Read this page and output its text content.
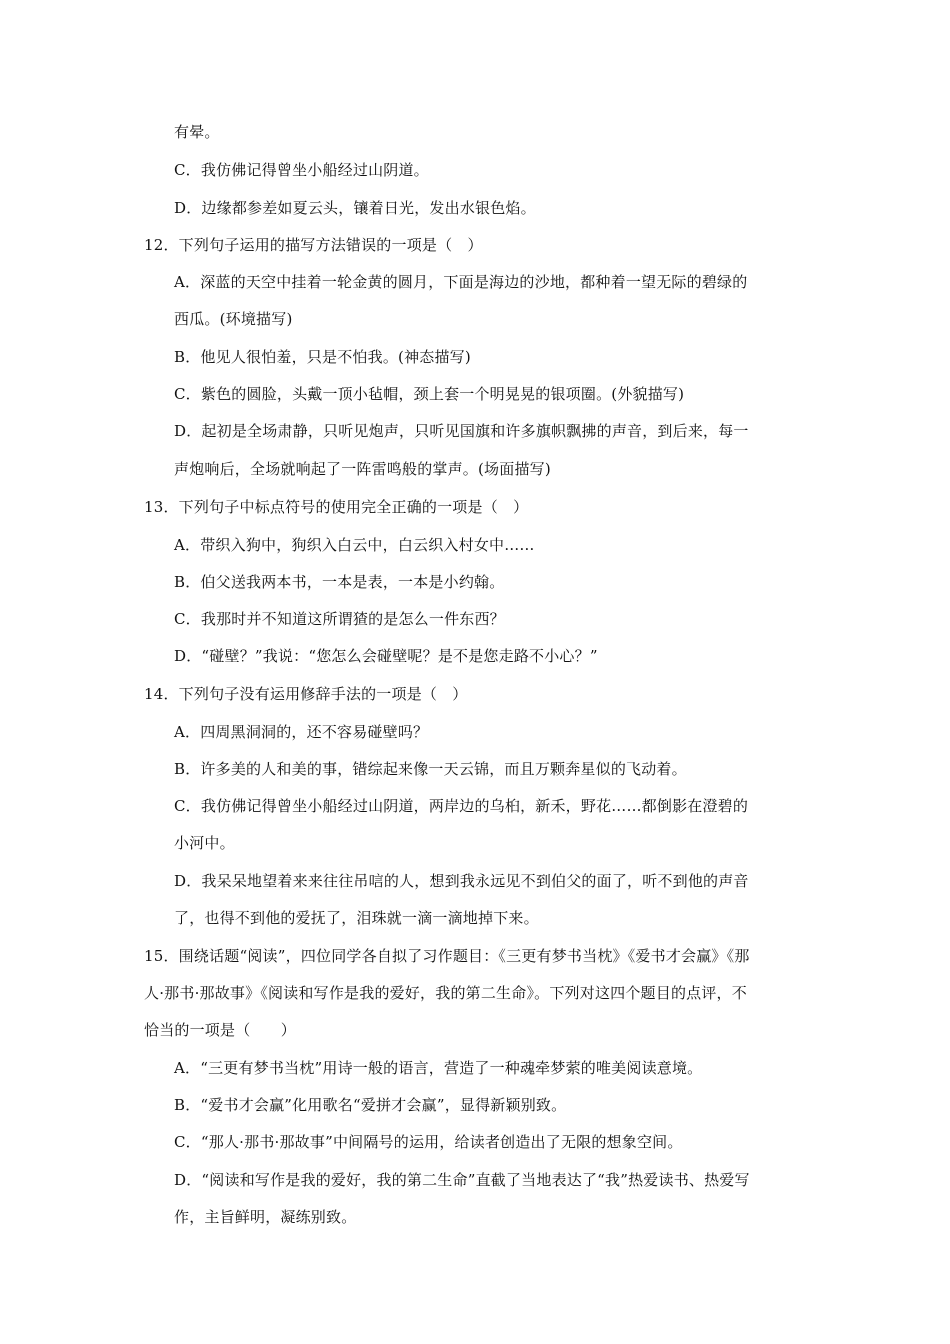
有晕。
C．我仿佛记得曾坐小船经过山阴道。
D．边缘都参差如夏云头，镶着日光，发出水银色焰。
12．下列句子运用的描写方法错误的一项是（　）
A．深蓝的天空中挂着一轮金黄的圆月，下面是海边的沙地，都种着一望无际的碧绿的
西瓜。(环境描写)
B．他见人很怕羞，只是不怕我。(神态描写)
C．紫色的圆脸，头戴一顶小毡帽，颈上套一个明晃晃的银项圈。(外貌描写)
D．起初是全场肃静，只听见炮声，只听见国旗和许多旗帜飘拂的声音，到后来，每一
声炮响后，全场就响起了一阵雷鸣般的掌声。(场面描写)
13．下列句子中标点符号的使用完全正确的一项是（　）
A．带织入狗中，狗织入白云中，白云织入村女中……
B．伯父送我两本书，一本是表，一本是小约翰。
C．我那时并不知道这所谓猹的是怎么一件东西？
D．“碰壁？”我说：“您怎么会碰壁呢？是不是您走路不小心？”
14．下列句子没有运用修辞手法的一项是（　）
A．四周黑洞洞的，还不容易碰壁吗？
B．许多美的人和美的事，错综起来像一天云锦，而且万颗奔星似的飞动着。
C．我仿佛记得曾坐小船经过山阴道，两岸边的乌桕，新禾，野花……都倒影在澄碧的
小河中。
D．我呆呆地望着来来往往吊唁的人，想到我永远见不到伯父的面了，听不到他的声音
了，也得不到他的爱抚了，泪珠就一滴一滴地掉下来。
15．围绕话题“阅读”，四位同学各自拟了习作题目：《三更有梦书当枕》《爱书才会赢》《那
人·那书·那故事》《阅读和写作是我的爱好，我的第二生命》。下列对这四个题目的点评，不
恰当的一项是（　　）
A．“三更有梦书当枕”用诗一般的语言，营造了一种魂牵梦萦的唯美阅读意境。
B．“爱书才会赢”化用歌名“爱拼才会赢”，显得新颖别致。
C．“那人·那书·那故事”中间隔号的运用，给读者创造出了无限的想象空间。
D．“阅读和写作是我的爱好，我的第二生命”直截了当地表达了“我”热爱读书、热爱写
作，主旨鲜明，凝练别致。
